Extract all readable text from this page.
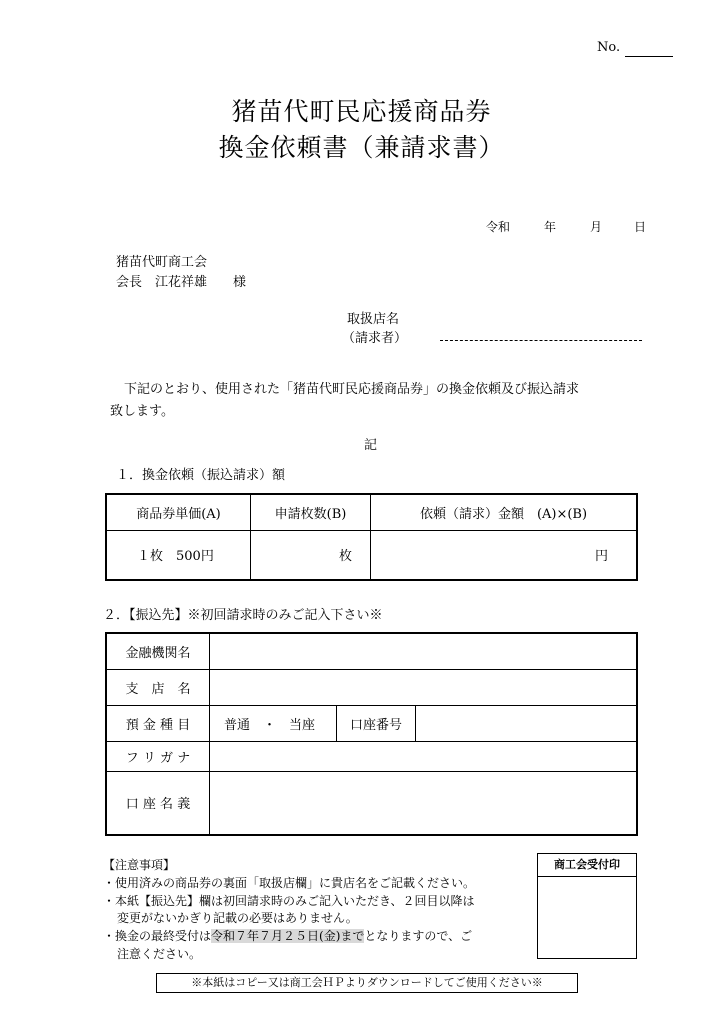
No.
猪苗代町民応援商品券
換金依頼書（兼請求書）
令和	年	月	日
猪苗代町商工会
会長　江花祥雄　　様
取扱店名
（請求者）
下記のとおり、使用された「猪苗代町民応援商品券」の換金依頼及び振込請求
致します。
記
１．換金依頼（振込請求）額
商品券単価(A)	申請枚数(B)	依頼（請求）金額　(A)×(B)
１枚　500円	枚	円
２．【振込先】※初回請求時のみご記入下さい※
金融機関名			
支　店　名			
預 金 種 目	普通　・　当座	口座番号	
フ リ ガ ナ			
口 座 名 義			
【注意事項】
・使用済みの商品券の裏面「取扱店欄」に貴店名をご記載ください。
・本紙【振込先】欄は初回請求時のみご記入いただき、２回目以降は
変更がないかぎり記載の必要はありません。
・換金の最終受付は令和７年７月２５日(金)までとなりますので、ご
注意ください。
商工会受付印
※本紙はコピー又は商工会ＨＰよりダウンロードしてご使用ください※
